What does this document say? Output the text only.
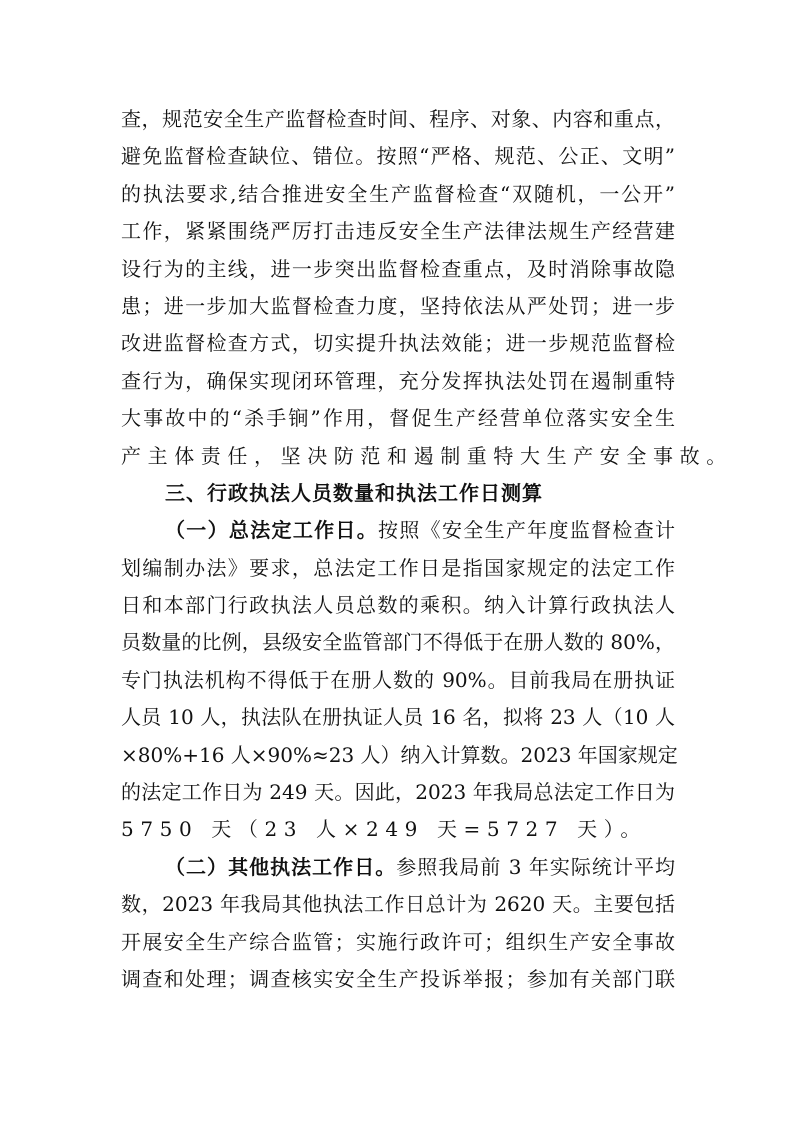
查，规范安全生产监督检查时间、程序、对象、内容和重点，
避免监督检查缺位、错位。按照“严格、规范、公正、文明”
的执法要求,结合推进安全生产监督检查“双随机，一公开”
工作，紧紧围绕严厉打击违反安全生产法律法规生产经营建
设行为的主线，进一步突出监督检查重点，及时消除事故隐
患；进一步加大监督检查力度，坚持依法从严处罚；进一步
改进监督检查方式，切实提升执法效能；进一步规范监督检
查行为，确保实现闭环管理，充分发挥执法处罚在遏制重特
大事故中的“杀手锏”作用，督促生产经营单位落实安全生
产主体责任，坚决防范和遏制重特大生产安全事故。
三、行政执法人员数量和执法工作日测算
（一）总法定工作日。按照《安全生产年度监督检查计
划编制办法》要求，总法定工作日是指国家规定的法定工作
日和本部门行政执法人员总数的乘积。纳入计算行政执法人
员数量的比例，县级安全监管部门不得低于在册人数的 80%，
专门执法机构不得低于在册人数的 90%。目前我局在册执证
人员 10 人，执法队在册执证人员 16 名，拟将 23 人（10 人
×80%+16 人×90%≈23 人）纳入计算数。2023 年国家规定
的法定工作日为 249 天。因此，2023 年我局总法定工作日为
5750 天（23 人×249 天=5727 天）。
（二）其他执法工作日。参照我局前 3 年实际统计平均
数，2023 年我局其他执法工作日总计为 2620 天。主要包括
开展安全生产综合监管；实施行政许可；组织生产安全事故
调查和处理；调查核实安全生产投诉举报；参加有关部门联
